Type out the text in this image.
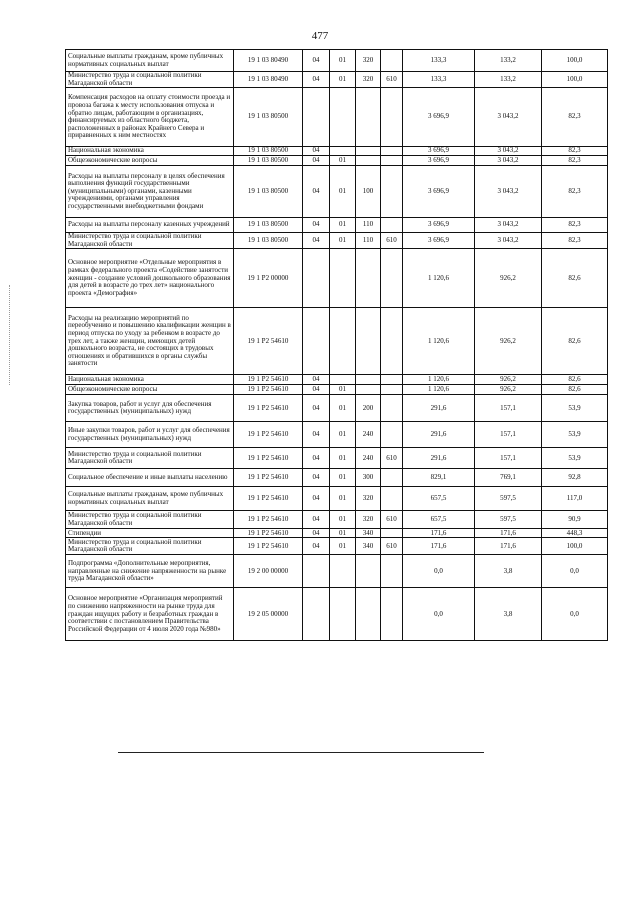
477
Социальные выплаты гражданам, кроме публичных нормативных социальных выплат	19 1 03 80490	04	01	320		133,3	133,2	100,0
Министерство труда и социальной политики Магаданской области	19 1 03 80490	04	01	320	610	133,3	133,2	100,0
Компенсация расходов на оплату стоимости проезда и провоза багажа к месту использования отпуска и обратно лицам, работающим в организациях, финансируемых из областного бюджета, расположенных в районах Крайнего Севера и приравненных к ним местностях	19 1 03 80500					3 696,9	3 043,2	82,3
Национальная экономика	19 1 03 80500	04				3 696,9	3 043,2	82,3
Общеэкономические вопросы	19 1 03 80500	04	01			3 696,9	3 043,2	82,3
Расходы на выплаты персоналу в целях обеспечения выполнения функций государственными (муниципальными) органами, казенными учреждениями, органами управления государственными внебюджетными фондами	19 1 03 80500	04	01	100		3 696,9	3 043,2	82,3
Расходы на выплаты персоналу казенных учреждений	19 1 03 80500	04	01	110		3 696,9	3 043,2	82,3
Министерство труда и социальной политики Магаданской области	19 1 03 80500	04	01	110	610	3 696,9	3 043,2	82,3
Основное мероприятие «Отдельные мероприятия в рамках федерального проекта «Содействие занятости женщин - создание условий дошкольного образования для детей в возрасте до трех лет» национального проекта «Демография»	19 1 P2 00000					1 120,6	926,2	82,6
Расходы на реализацию мероприятий по переобучению и повышению квалификации женщин в период отпуска по уходу за ребенком в возрасте до трех лет, а также женщин, имеющих детей дошкольного возраста, не состоящих в трудовых отношениях и обратившихся в органы службы занятости	19 1 P2 54610					1 120,6	926,2	82,6
Национальная экономика	19 1 P2 54610	04				1 120,6	926,2	82,6
Общеэкономические вопросы	19 1 P2 54610	04	01			1 120,6	926,2	82,6
Закупка товаров, работ и услуг для обеспечения государственных (муниципальных) нужд	19 1 P2 54610	04	01	200		291,6	157,1	53,9
Иные закупки товаров, работ и услуг для обеспечения государственных (муниципальных) нужд	19 1 P2 54610	04	01	240		291,6	157,1	53,9
Министерство труда и социальной политики Магаданской области	19 1 P2 54610	04	01	240	610	291,6	157,1	53,9
Социальное обеспечение и иные выплаты населению	19 1 P2 54610	04	01	300		829,1	769,1	92,8
Социальные выплаты гражданам, кроме публичных нормативных социальных выплат	19 1 P2 54610	04	01	320		657,5	597,5	117,0
Министерство труда и социальной политики Магаданской области	19 1 P2 54610	04	01	320	610	657,5	597,5	90,9
Стипендии	19 1 P2 54610	04	01	340		171,6	171,6	448,3
Министерство труда и социальной политики Магаданской области	19 1 P2 54610	04	01	340	610	171,6	171,6	100,0
Подпрограмма «Дополнительные мероприятия, направленные на снижение напряженности на рынке труда Магаданской области»	19 2 00 00000					0,0	3,8	0,0
Основное мероприятие «Организация мероприятий по снижению напряженности на рынке труда для граждан ищущих работу и безработных граждан в соответствии с постановлением Правительства Российской Федерации от 4 июля 2020 года №980»	19 2 05 00000					0,0	3,8	0,0
